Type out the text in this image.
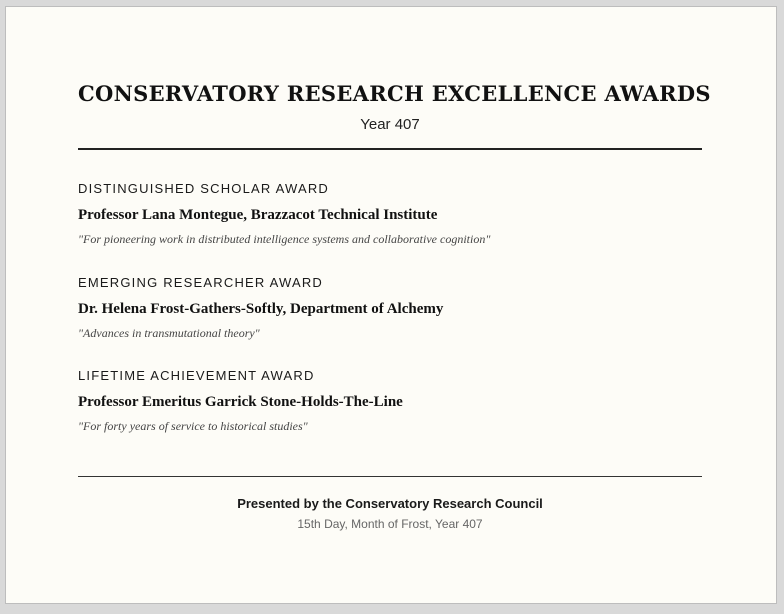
CONSERVATORY RESEARCH EXCELLENCE AWARDS
Year 407
DISTINGUISHED SCHOLAR AWARD
Professor Lana Montegue, Brazzacot Technical Institute
"For pioneering work in distributed intelligence systems and collaborative cognition"
EMERGING RESEARCHER AWARD
Dr. Helena Frost-Gathers-Softly, Department of Alchemy
"Advances in transmutational theory"
LIFETIME ACHIEVEMENT AWARD
Professor Emeritus Garrick Stone-Holds-The-Line
"For forty years of service to historical studies"
Presented by the Conservatory Research Council
15th Day, Month of Frost, Year 407
